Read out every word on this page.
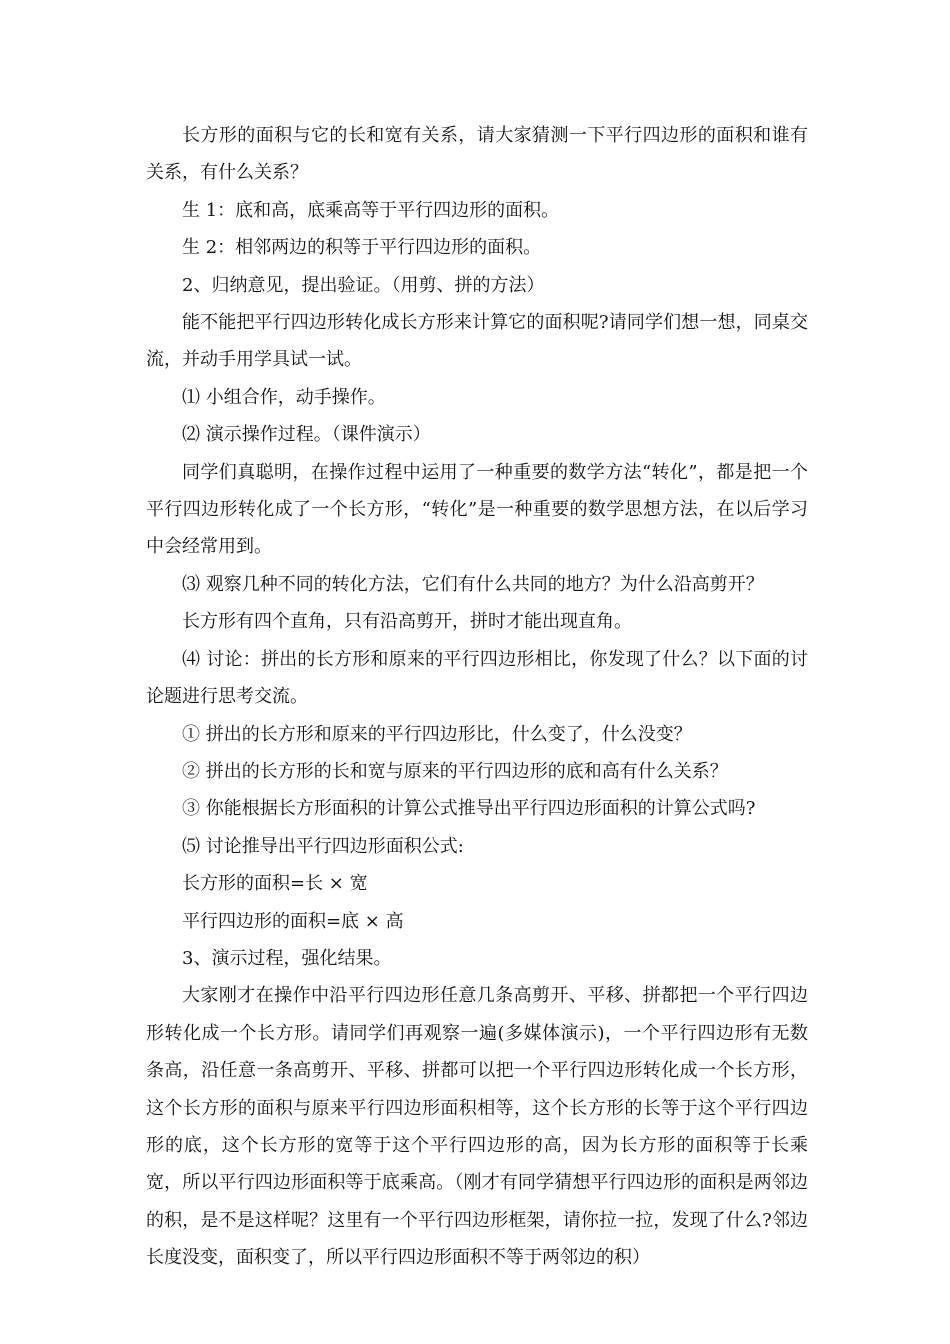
长方形的面积与它的长和宽有关系，请大家猜测一下平行四边形的面积和谁有关系，有什么关系？

生 1：底和高，底乘高等于平行四边形的面积。

生 2：相邻两边的积等于平行四边形的面积。

2、归纳意见，提出验证。（用剪、拼的方法）

能不能把平行四边形转化成长方形来计算它的面积呢?请同学们想一想，同桌交流，并动手用学具试一试。

⑴ 小组合作，动手操作。

⑵ 演示操作过程。（课件演示）

同学们真聪明，在操作过程中运用了一种重要的数学方法“转化”，都是把一个平行四边形转化成了一个长方形，“转化”是一种重要的数学思想方法，在以后学习中会经常用到。

⑶ 观察几种不同的转化方法，它们有什么共同的地方？为什么沿高剪开？

长方形有四个直角，只有沿高剪开，拼时才能出现直角。

⑷ 讨论：拼出的长方形和原来的平行四边形相比，你发现了什么？以下面的讨论题进行思考交流。

① 拼出的长方形和原来的平行四边形比，什么变了，什么没变？

② 拼出的长方形的长和宽与原来的平行四边形的底和高有什么关系？

③ 你能根据长方形面积的计算公式推导出平行四边形面积的计算公式吗?

⑸ 讨论推导出平行四边形面积公式:

长方形的面积=长 × 宽

平行四边形的面积=底 × 高

3、演示过程，强化结果。

大家刚才在操作中沿平行四边形任意几条高剪开、平移、拼都把一个平行四边形转化成一个长方形。请同学们再观察一遍(多媒体演示)，一个平行四边形有无数条高，沿任意一条高剪开、平移、拼都可以把一个平行四边形转化成一个长方形，这个长方形的面积与原来平行四边形面积相等，这个长方形的长等于这个平行四边形的底，这个长方形的宽等于这个平行四边形的高，因为长方形的面积等于长乘宽，所以平行四边形面积等于底乘高。（刚才有同学猜想平行四边形的面积是两邻边的积，是不是这样呢？这里有一个平行四边形框架，请你拉一拉，发现了什么?邻边长度没变，面积变了，所以平行四边形面积不等于两邻边的积）
